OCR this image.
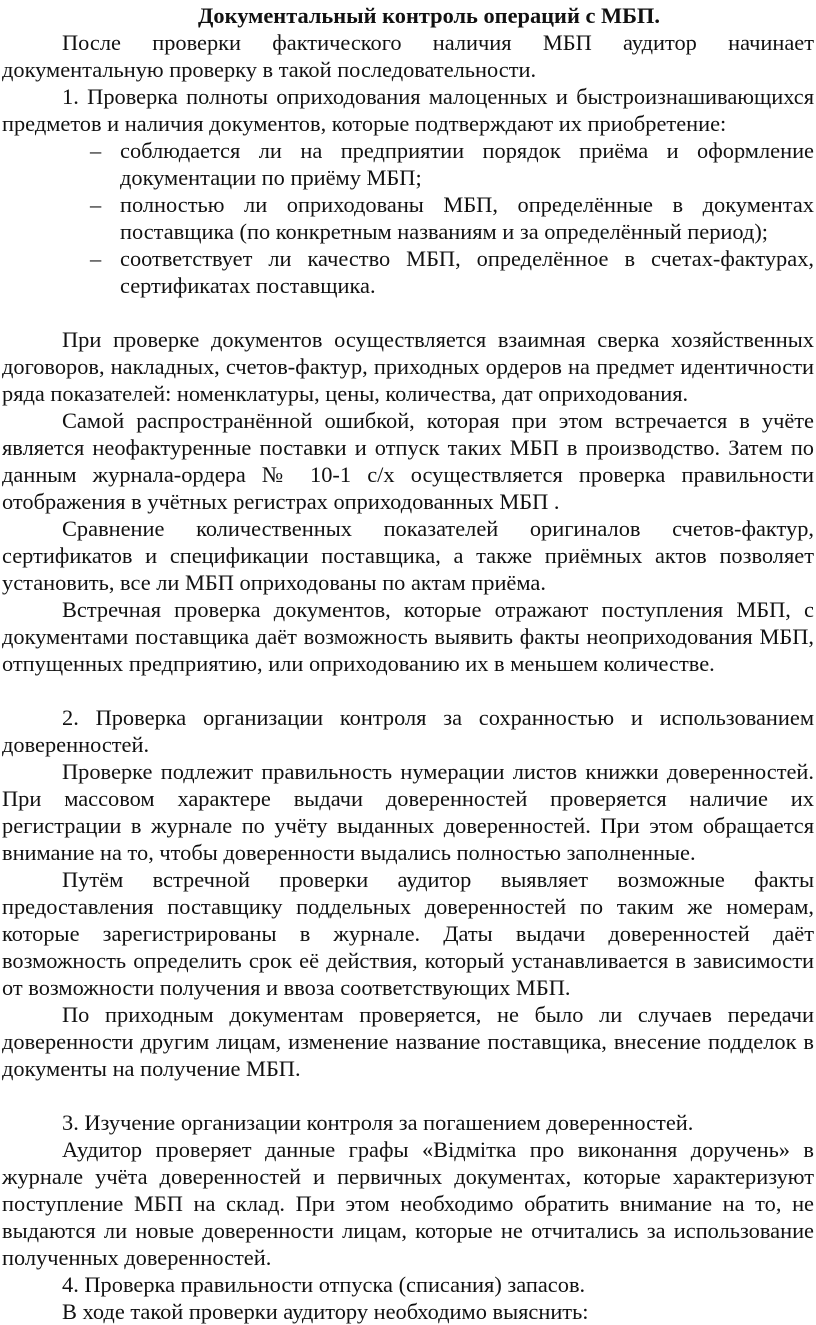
Документальный контроль операций с МБП.

После проверки фактического наличия МБП аудитор начинает документальную проверку в такой последовательности.

1. Проверка полноты оприходования малоценных и быстроизнашивающихся предметов и наличия документов, которые подтверждают их приобретение:

– соблюдается ли на предприятии порядок приёма и оформление документации по приёму МБП;
– полностью ли оприходованы МБП, определённые в документах поставщика (по конкретным названиям и за определённый период);
– соответствует ли качество МБП, определённое в счетах-фактурах, сертификатах поставщика.

При проверке документов осуществляется взаимная сверка хозяйственных договоров, накладных, счетов-фактур, приходных ордеров на предмет идентичности ряда показателей: номенклатуры, цены, количества, дат оприходования.

Самой распространённой ошибкой, которая при этом встречается в учёте является неофактуренные поставки и отпуск таких МБП в производство. Затем по данным журнала-ордера № 10-1 с/х осуществляется проверка правильности отображения в учётных регистрах оприходованных МБП .

Сравнение количественных показателей оригиналов счетов-фактур, сертификатов и спецификации поставщика, а также приёмных актов позволяет установить, все ли МБП оприходованы по актам приёма.

Встречная проверка документов, которые отражают поступления МБП, с документами поставщика даёт возможность выявить факты неоприходования МБП, отпущенных предприятию, или оприходованию их в меньшем количестве.

2. Проверка организации контроля за сохранностью и использованием доверенностей.

Проверке подлежит правильность нумерации листов книжки доверенностей. При массовом характере выдачи доверенностей проверяется наличие их регистрации в журнале по учёту выданных доверенностей. При этом обращается внимание на то, чтобы доверенности выдались полностью заполненные.

Путём встречной проверки аудитор выявляет возможные факты предоставления поставщику поддельных доверенностей по таким же номерам, которые зарегистрированы в журнале. Даты выдачи доверенностей даёт возможность определить срок её действия, который устанавливается в зависимости от возможности получения и ввоза соответствующих МБП.

По приходным документам проверяется, не было ли случаев передачи доверенности другим лицам, изменение название поставщика, внесение подделок в документы на получение МБП.

3. Изучение организации контроля за погашением доверенностей.

Аудитор проверяет данные графы «Відмітка про виконання доручень» в журнале учёта доверенностей и первичных документах, которые характеризуют поступление МБП на склад. При этом необходимо обратить внимание на то, не выдаются ли новые доверенности лицам, которые не отчитались за использование полученных доверенностей.

4. Проверка правильности отпуска (списания) запасов.

В ходе такой проверки аудитору необходимо выяснить:
